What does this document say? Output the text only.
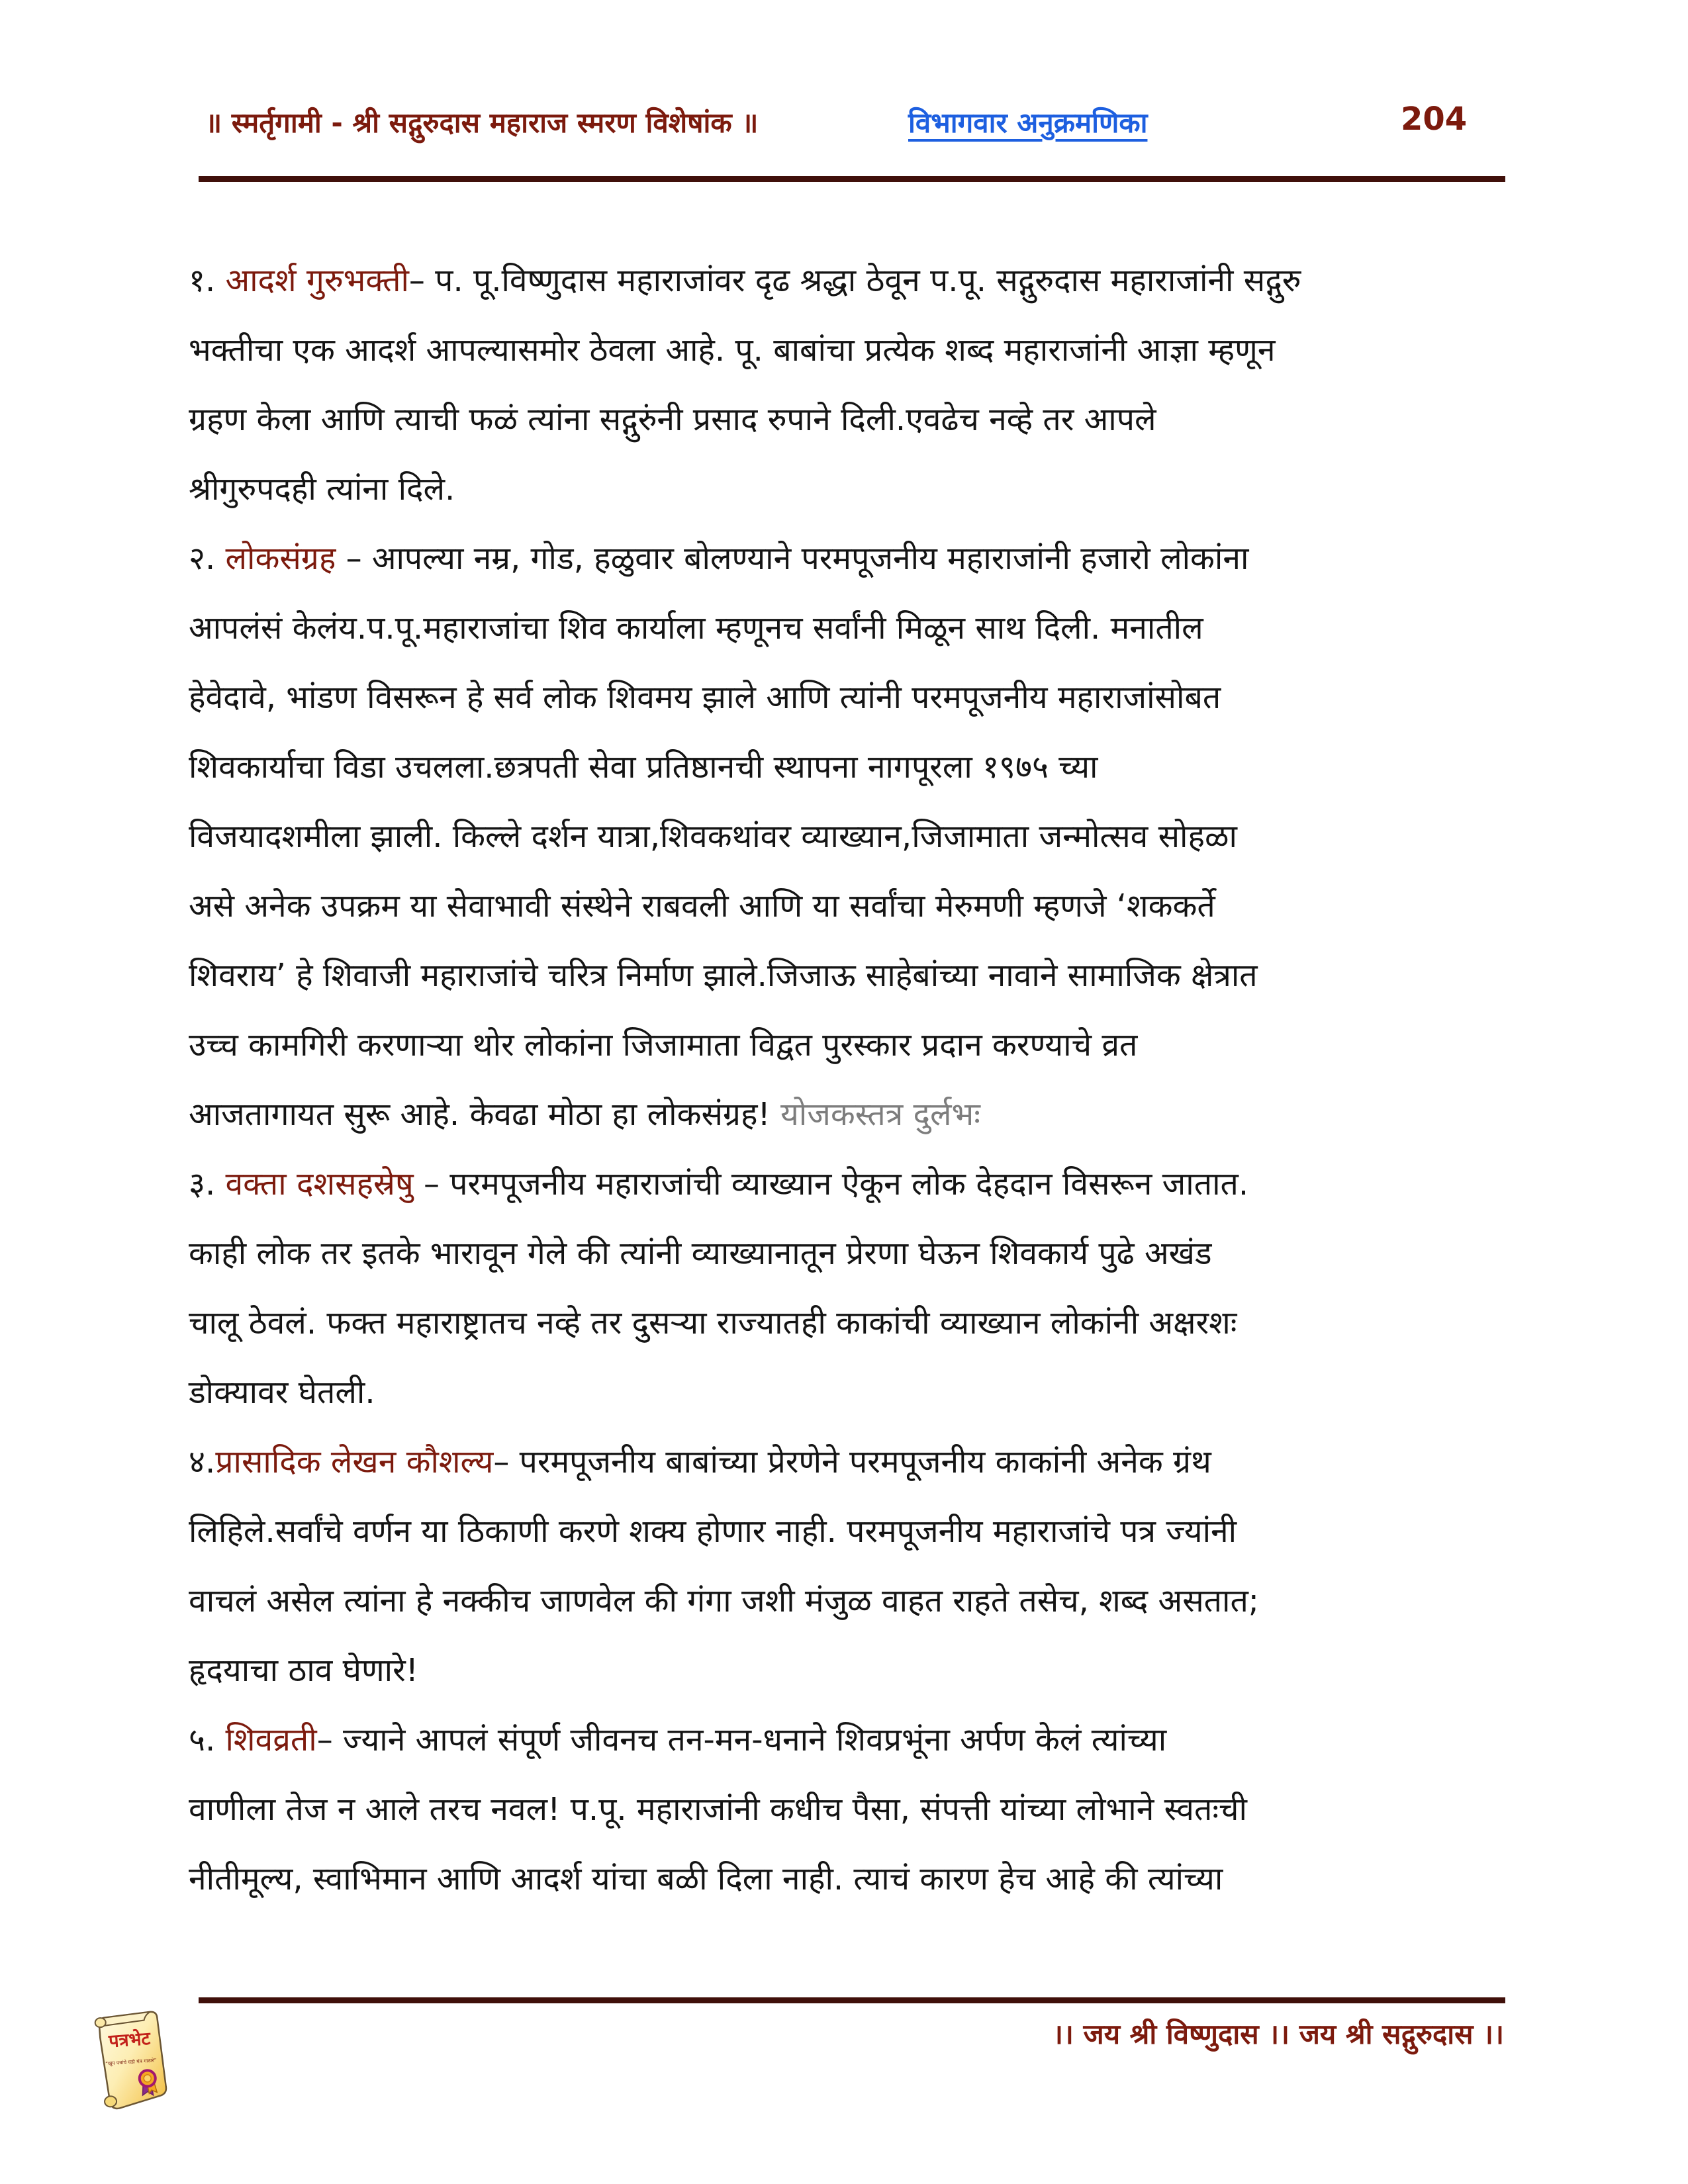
॥ स्मर्तृगामी - श्री सद्गुरुदास महाराज स्मरण विशेषांक ॥	विभागवार अनुक्रमणिका	204
१. आदर्श गुरुभक्ती– प. पू.विष्णुदास महाराजांवर दृढ श्रद्धा ठेवून प.पू. सद्गुरुदास महाराजांनी सद्गुरु
भक्तीचा एक आदर्श आपल्यासमोर ठेवला आहे. पू. बाबांचा प्रत्येक शब्द महाराजांनी आज्ञा म्हणून
ग्रहण केला आणि त्याची फळं त्यांना सद्गुरुंनी प्रसाद रुपाने दिली.एवढेच नव्हे तर आपले
श्रीगुरुपदही त्यांना दिले.
२. लोकसंग्रह – आपल्या नम्र, गोड, हळुवार बोलण्याने परमपूजनीय महाराजांनी हजारो लोकांना
आपलंसं केलंय.प.पू.महाराजांचा शिव कार्याला म्हणूनच सर्वांनी मिळून साथ दिली. मनातील
हेवेदावे, भांडण विसरून हे सर्व लोक शिवमय झाले आणि त्यांनी परमपूजनीय महाराजांसोबत
शिवकार्याचा विडा उचलला.छत्रपती सेवा प्रतिष्ठानची स्थापना नागपूरला १९७५ च्या
विजयादशमीला झाली. किल्ले दर्शन यात्रा,शिवकथांवर व्याख्यान,जिजामाता जन्मोत्सव सोहळा
असे अनेक उपक्रम या सेवाभावी संस्थेने राबवली आणि या सर्वांचा मेरुमणी म्हणजे ‘शककर्ते
शिवराय’ हे शिवाजी महाराजांचे चरित्र निर्माण झाले.जिजाऊ साहेबांच्या नावाने सामाजिक क्षेत्रात
उच्च कामगिरी करणाऱ्या थोर लोकांना जिजामाता विद्वत पुरस्कार प्रदान करण्याचे व्रत
आजतागायत सुरू आहे. केवढा मोठा हा लोकसंग्रह! योजकस्तत्र दुर्लभः
३. वक्ता दशसहस्रेषु – परमपूजनीय महाराजांची व्याख्यान ऐकून लोक देहदान विसरून जातात.
काही लोक तर इतके भारावून गेले की त्यांनी व्याख्यानातून प्रेरणा घेऊन शिवकार्य पुढे अखंड
चालू ठेवलं. फक्त महाराष्ट्रातच नव्हे तर दुसऱ्या राज्यातही काकांची व्याख्यान लोकांनी अक्षरशः
डोक्यावर घेतली.
४.प्रासादिक लेखन कौशल्य– परमपूजनीय बाबांच्या प्रेरणेने परमपूजनीय काकांनी अनेक ग्रंथ
लिहिले.सर्वांचे वर्णन या ठिकाणी करणे शक्य होणार नाही. परमपूजनीय महाराजांचे पत्र ज्यांनी
वाचलं असेल त्यांना हे नक्कीच जाणवेल की गंगा जशी मंजुळ वाहत राहते तसेच, शब्द असतात;
हृदयाचा ठाव घेणारे!
५. शिवव्रती– ज्याने आपलं संपूर्ण जीवनच तन-मन-धनाने शिवप्रभूंना अर्पण केलं त्यांच्या
वाणीला तेज न आले तरच नवल! प.पू. महाराजांनी कधीच पैसा, संपत्ती यांच्या लोभाने स्वतःची
नीतीमूल्य, स्वाभिमान आणि आदर्श यांचा बळी दिला नाही. त्याचं कारण हेच आहे की त्यांच्या
।। जय श्री विष्णुदास ।। जय श्री सद्गुरुदास ।।
पत्रभेट
“खूप पत्रांचे घडो मंत्र गाठारे”
